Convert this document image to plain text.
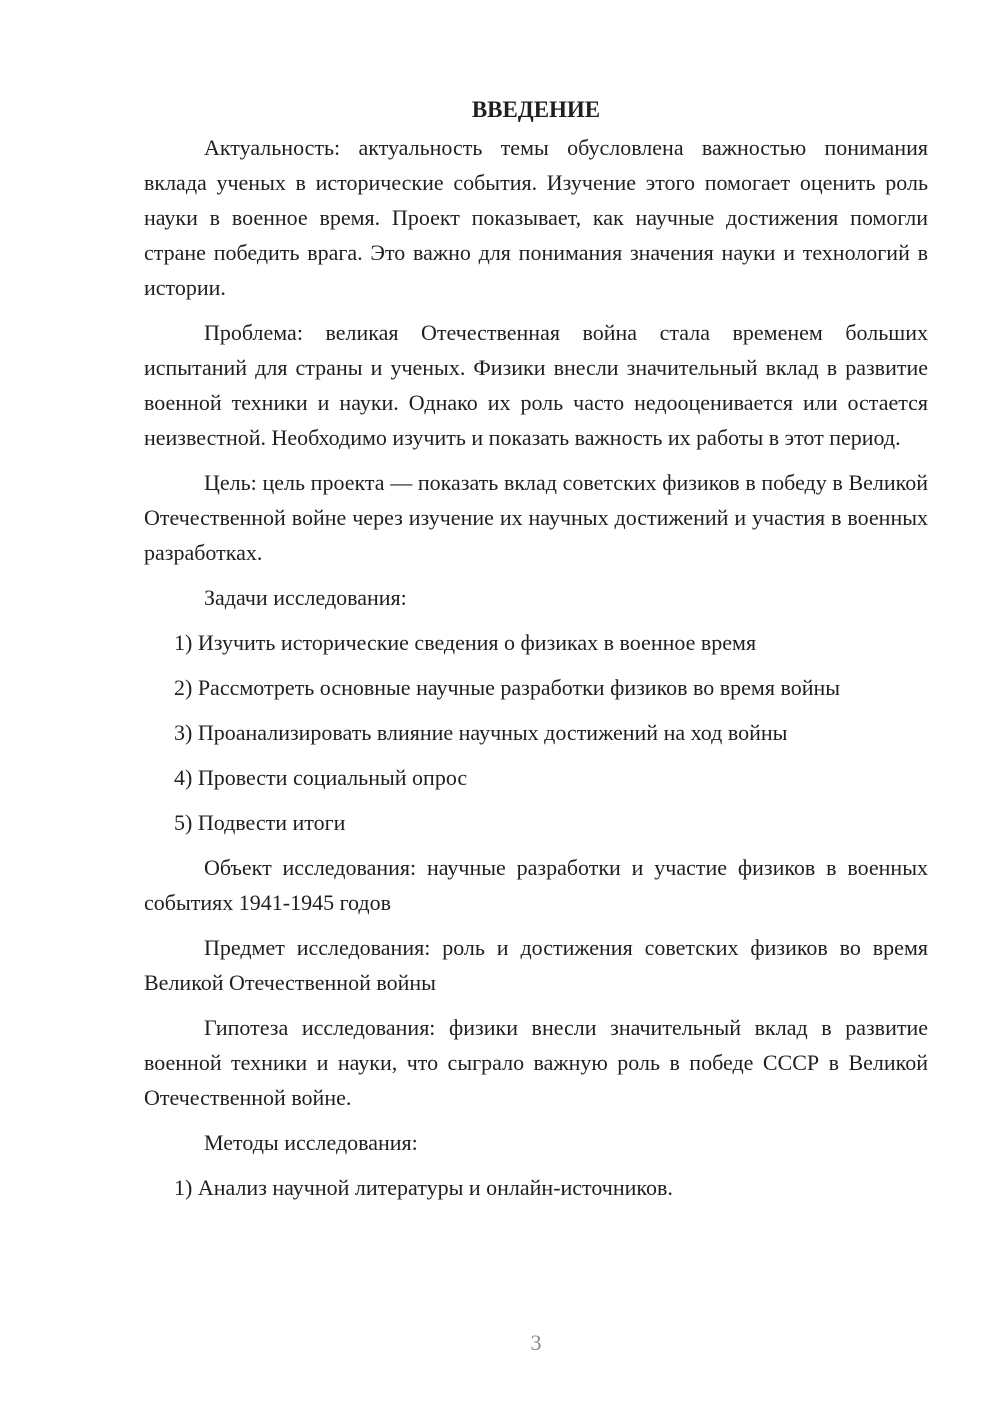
ВВЕДЕНИЕ

Актуальность: актуальность темы обусловлена важностью понимания вклада ученых в исторические события. Изучение этого помогает оценить роль науки в военное время. Проект показывает, как научные достижения помогли стране победить врага. Это важно для понимания значения науки и технологий в истории.

Проблема: великая Отечественная война стала временем больших испытаний для страны и ученых. Физики внесли значительный вклад в развитие военной техники и науки. Однако их роль часто недооценивается или остается неизвестной. Необходимо изучить и показать важность их работы в этот период.

Цель: цель проекта — показать вклад советских физиков в победу в Великой Отечественной войне через изучение их научных достижений и участия в военных разработках.

Задачи исследования:

1) Изучить исторические сведения о физиках в военное время

2) Рассмотреть основные научные разработки физиков во время войны

3) Проанализировать влияние научных достижений на ход войны

4) Провести социальный опрос

5) Подвести итоги

Объект исследования: научные разработки и участие физиков в военных событиях 1941-1945 годов

Предмет исследования: роль и достижения советских физиков во время Великой Отечественной войны

Гипотеза исследования: физики внесли значительный вклад в развитие военной техники и науки, что сыграло важную роль в победе СССР в Великой Отечественной войне.

Методы исследования:

1) Анализ научной литературы и онлайн-источников.

3
